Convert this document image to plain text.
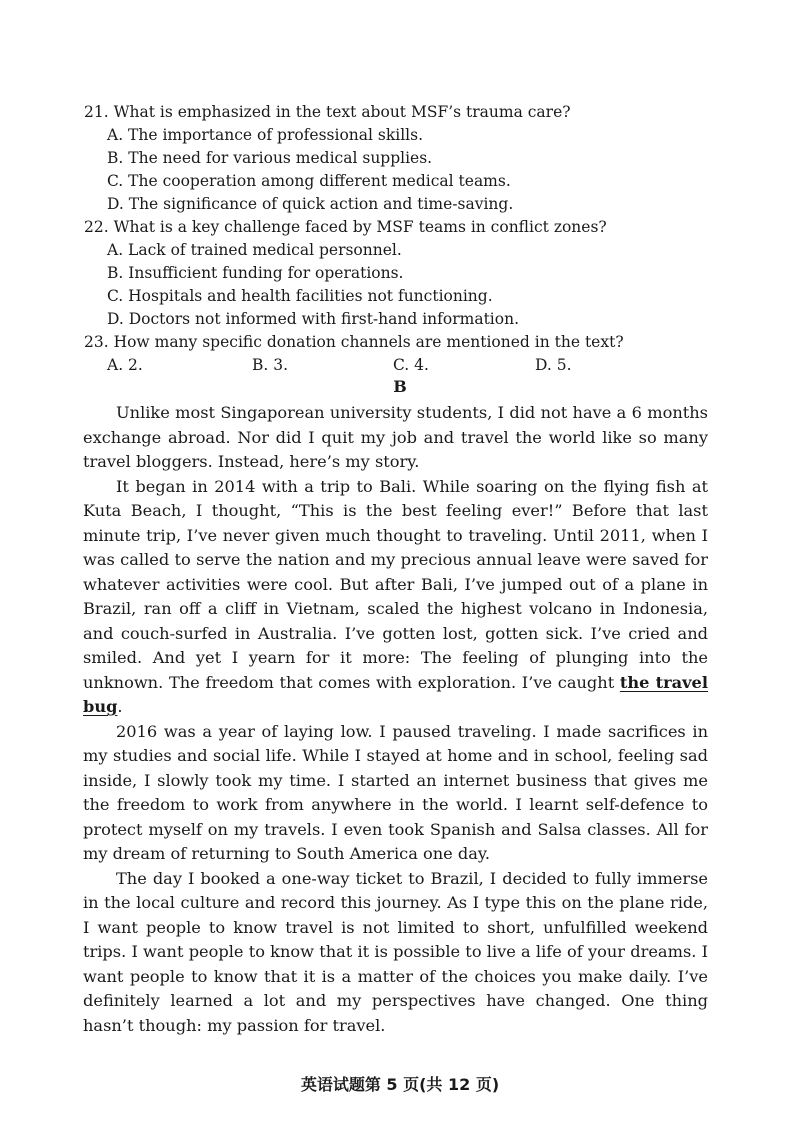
21. What is emphasized in the text about MSF’s trauma care?
A. The importance of professional skills.
B. The need for various medical supplies.
C. The cooperation among different medical teams.
D. The significance of quick action and time-saving.
22. What is a key challenge faced by MSF teams in conflict zones?
A. Lack of trained medical personnel.
B. Insufficient funding for operations.
C. Hospitals and health facilities not functioning.
D. Doctors not informed with first-hand information.
23. How many specific donation channels are mentioned in the text?
A. 2.	B. 3.	C. 4.	D. 5.
B

Unlike most Singaporean university students, I did not have a 6 months exchange abroad. Nor did I quit my job and travel the world like so many travel bloggers. Instead, here’s my story.

It began in 2014 with a trip to Bali. While soaring on the flying fish at Kuta Beach, I thought, “This is the best feeling ever!” Before that last minute trip, I’ve never given much thought to traveling. Until 2011, when I was called to serve the nation and my precious annual leave were saved for whatever activities were cool. But after Bali, I’ve jumped out of a plane in Brazil, ran off a cliff in Vietnam, scaled the highest volcano in Indonesia, and couch-surfed in Australia. I’ve gotten lost, gotten sick. I’ve cried and smiled. And yet I yearn for it more: The feeling of plunging into the unknown. The freedom that comes with exploration. I’ve caught the travel bug.

2016 was a year of laying low. I paused traveling. I made sacrifices in my studies and social life. While I stayed at home and in school, feeling sad inside, I slowly took my time. I started an internet business that gives me the freedom to work from anywhere in the world. I learnt self-defence to protect myself on my travels. I even took Spanish and Salsa classes. All for my dream of returning to South America one day.

The day I booked a one-way ticket to Brazil, I decided to fully immerse in the local culture and record this journey. As I type this on the plane ride, I want people to know travel is not limited to short, unfulfilled weekend trips. I want people to know that it is possible to live a life of your dreams. I want people to know that it is a matter of the choices you make daily. I’ve definitely learned a lot and my perspectives have changed. One thing hasn’t though: my passion for travel.

英语试题第 5 页(共 12 页)
